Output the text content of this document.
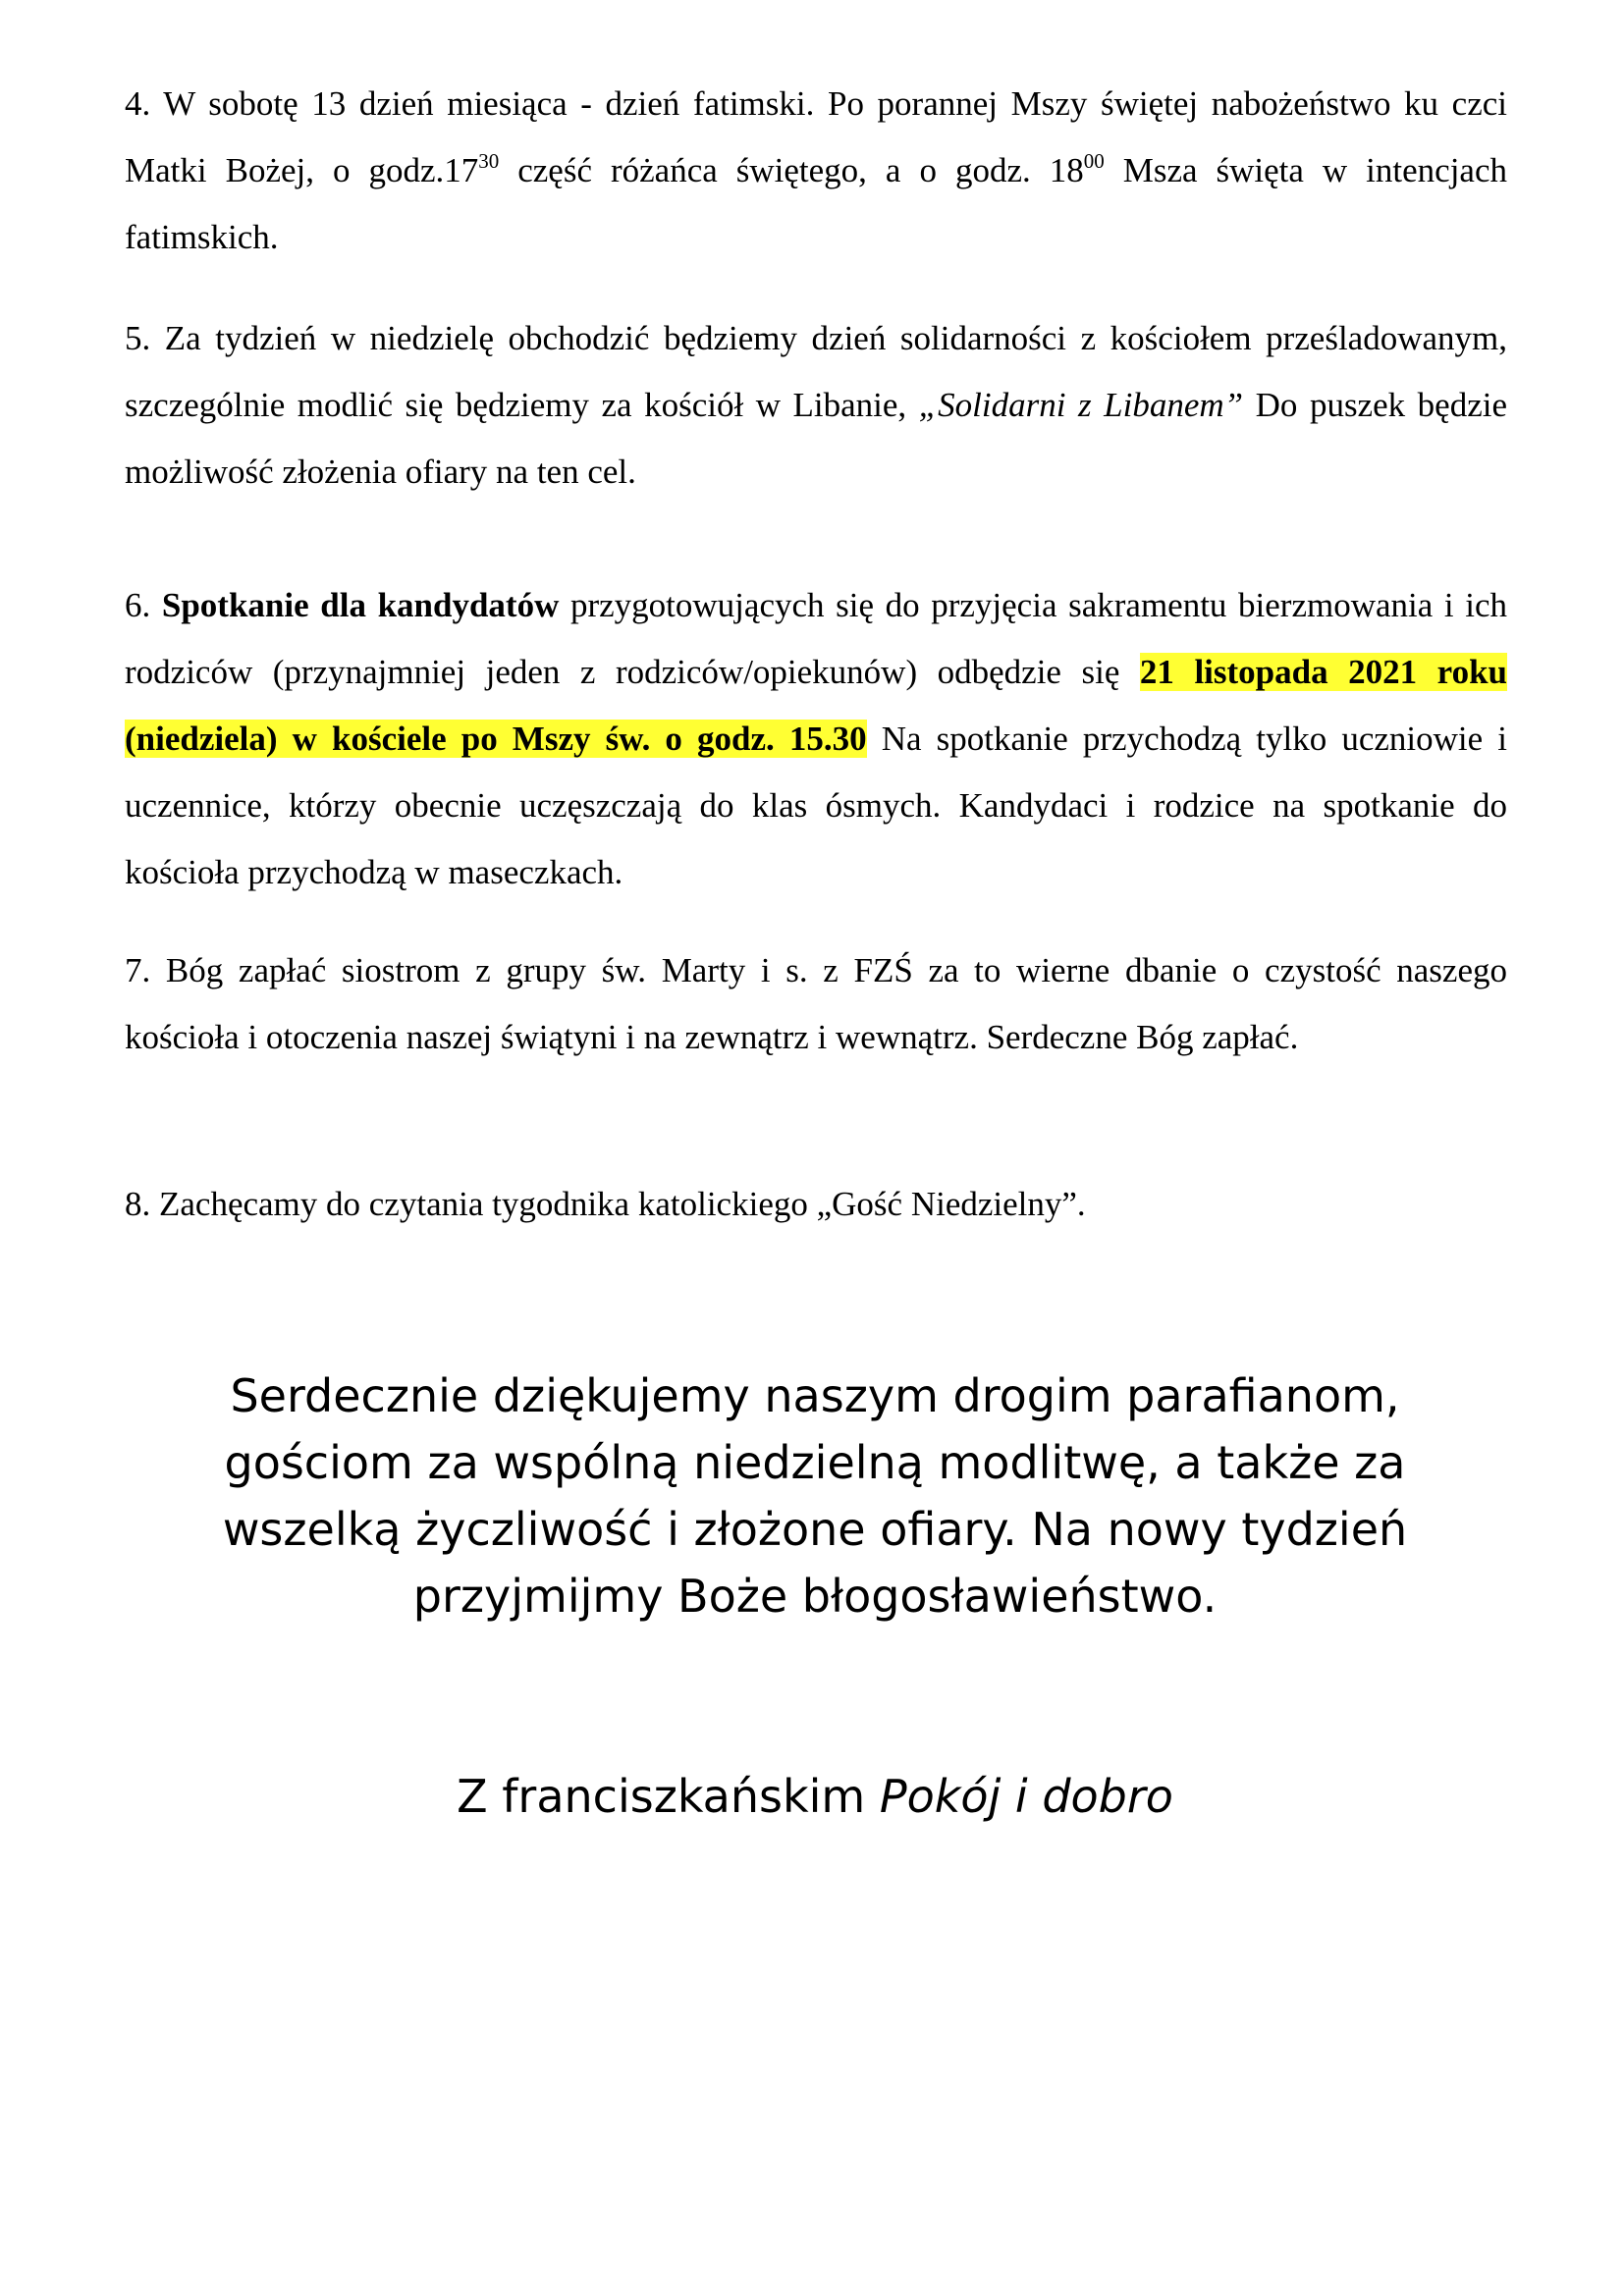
4. W sobotę 13 dzień miesiąca - dzień fatimski. Po porannej Mszy świętej nabożeństwo ku czci Matki Bożej, o $godz.17^{30}$ część różańca świętego, a o godz. $18^{00}$ Msza święta w intencjach fatimskich.

5. Za tydzień w niedzielę obchodzić będziemy dzień solidarności z kościołem prześladowanym, szczególnie modlić się będziemy za kościół w Libanie, „Solidarni z Libanem” Do puszek będzie możliwość złożenia ofiary na ten cel.

6. Spotkanie dla kandydatów przygotowujących się do przyjęcia sakramentu bierzmowania i ich rodziców (przynajmniej jeden z rodziców/opiekunów) odbędzie się 21 listopada 2021 roku (niedziela) w kościele po Mszy św. o godz. 15.30 Na spotkanie przychodzą tylko uczniowie i uczennice, którzy obecnie uczęszczają do klas ósmych. Kandydaci i rodzice na spotkanie do kościoła przychodzą w maseczkach.

7. Bóg zapłać siostrom z grupy św. Marty i s. z FZŚ za to wierne dbanie o czystość naszego kościoła i otoczenia naszej świątyni i na zewnątrz i wewnątrz. Serdeczne Bóg zapłać.

8. Zachęcamy do czytania tygodnika katolickiego „Gość Niedzielny”.

Serdecznie dziękujemy naszym drogim parafianom,
gościom za wspólną niedzielną modlitwę, a także za
wszelką życzliwość i złożone ofiary. Na nowy tydzień
przyjmijmy Boże błogosławieństwo.
Z franciszkańskim Pokój i dobro
